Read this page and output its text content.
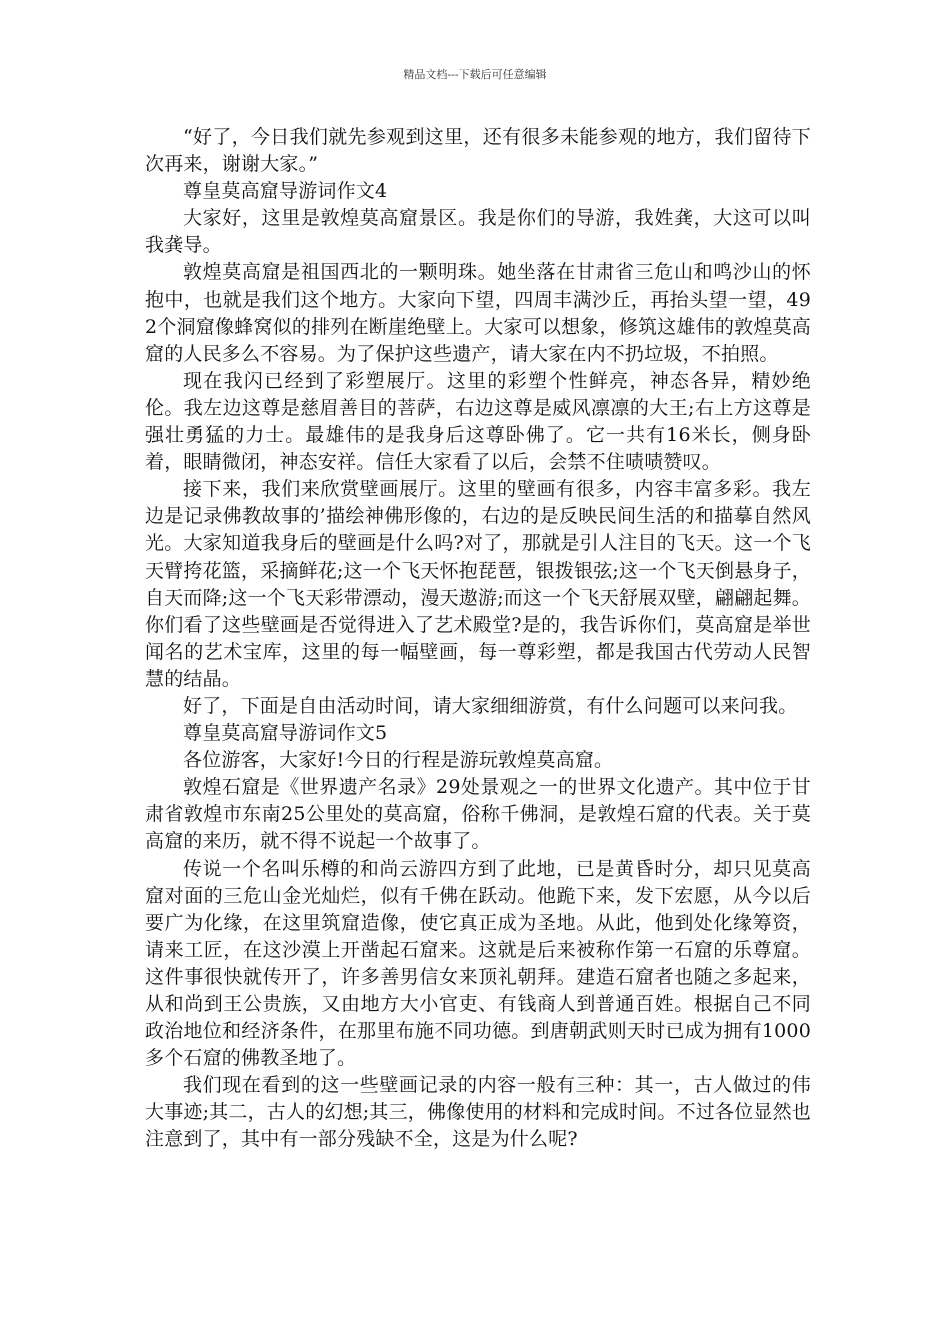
精品文档---下载后可任意编辑

“好了，今日我们就先参观到这里，还有很多未能参观的地方，我们留待下次再来，谢谢大家。”

尊皇莫高窟导游词作文4

大家好，这里是敦煌莫高窟景区。我是你们的导游，我姓龚，大这可以叫我龚导。

敦煌莫高窟是祖国西北的一颗明珠。她坐落在甘肃省三危山和鸣沙山的怀抱中，也就是我们这个地方。大家向下望，四周丰满沙丘，再抬头望一望，492个洞窟像蜂窝似的排列在断崖绝壁上。大家可以想象，修筑这雄伟的敦煌莫高窟的人民多么不容易。为了保护这些遗产，请大家在内不扔垃圾，不拍照。

现在我闪已经到了彩塑展厅。这里的彩塑个性鲜亮，神态各异，精妙绝伦。我左边这尊是慈眉善目的菩萨，右边这尊是威风凛凛的大王;右上方这尊是强壮勇猛的力士。最雄伟的是我身后这尊卧佛了。它一共有16米长，侧身卧着，眼睛微闭，神态安祥。信任大家看了以后，会禁不住啧啧赞叹。

接下来，我们来欣赏壁画展厅。这里的壁画有很多，内容丰富多彩。我左边是记录佛教故事的’描绘神佛形像的，右边的是反映民间生活的和描摹自然风光。大家知道我身后的壁画是什么吗?对了，那就是引人注目的飞天。这一个飞天臂挎花篮，采摘鲜花;这一个飞天怀抱琵琶，银拨银弦;这一个飞天倒悬身子，自天而降;这一个飞天彩带漂动，漫天遨游;而这一个飞天舒展双壁，翩翩起舞。你们看了这些壁画是否觉得进入了艺术殿堂?是的，我告诉你们，莫高窟是举世闻名的艺术宝库，这里的每一幅壁画，每一尊彩塑，都是我国古代劳动人民智慧的结晶。

好了，下面是自由活动时间，请大家细细游赏，有什么问题可以来问我。

尊皇莫高窟导游词作文5

各位游客，大家好!今日的行程是游玩敦煌莫高窟。

敦煌石窟是《世界遗产名录》29处景观之一的世界文化遗产。其中位于甘肃省敦煌市东南25公里处的莫高窟，俗称千佛洞，是敦煌石窟的代表。关于莫高窟的来历，就不得不说起一个故事了。

传说一个名叫乐樽的和尚云游四方到了此地，已是黄昏时分，却只见莫高窟对面的三危山金光灿烂，似有千佛在跃动。他跪下来，发下宏愿，从今以后要广为化缘，在这里筑窟造像，使它真正成为圣地。从此，他到处化缘筹资，请来工匠，在这沙漠上开凿起石窟来。这就是后来被称作第一石窟的乐尊窟。这件事很快就传开了，许多善男信女来顶礼朝拜。建造石窟者也随之多起来，从和尚到王公贵族，又由地方大小官吏、有钱商人到普通百姓。根据自己不同政治地位和经济条件，在那里布施不同功德。到唐朝武则天时已成为拥有1000多个石窟的佛教圣地了。

我们现在看到的这一些壁画记录的内容一般有三种：其一，古人做过的伟大事迹;其二，古人的幻想;其三，佛像使用的材料和完成时间。不过各位显然也注意到了，其中有一部分残缺不全，这是为什么呢?
